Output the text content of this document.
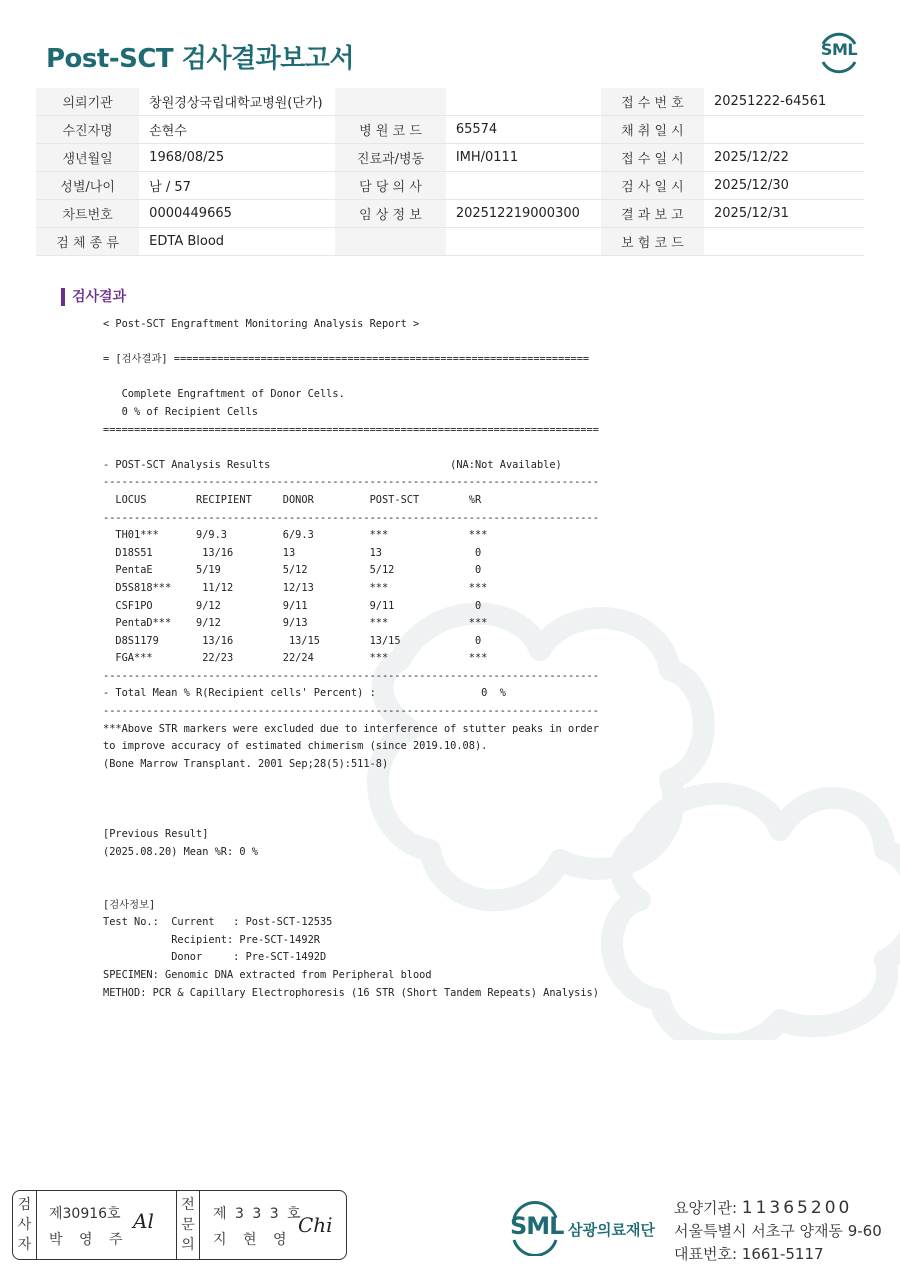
Post-SCT 검사결과보고서	SML
의뢰기관	창원경상국립대학교병원(단가)			접 수 번 호	20251222-64561
수진자명	손현수	병 원 코 드	65574	채 취 일 시	
생년월일	1968/08/25	진료과/병동	IMH/0111	접 수 일 시	2025/12/22
성별/나이	남 / 57	담 당 의 사		검 사 일 시	2025/12/30
차트번호	0000449665	임 상 정 보	202512219000300	결 과 보 고	2025/12/31
검 체 종 류	EDTA Blood			보 험 코 드	
검사결과
< Post-SCT Engraftment Monitoring Analysis Report >
= [검사결과] ===================================================================
Complete Engraftment of Donor Cells.
0 % of Recipient Cells
================================================================================
- POST-SCT Analysis Results                             (NA:Not Available)
--------------------------------------------------------------------------------
LOCUS        RECIPIENT     DONOR         POST-SCT        %R
--------------------------------------------------------------------------------
TH01***      9/9.3         6/9.3         ***             ***
D18S51        13/16        13            13               0
PentaE       5/19          5/12          5/12             0
D5S818***     11/12        12/13         ***             ***
CSF1PO       9/12          9/11          9/11             0
PentaD***    9/12          9/13          ***             ***
D8S1179       13/16         13/15        13/15            0
FGA***        22/23        22/24         ***             ***
--------------------------------------------------------------------------------
- Total Mean % R(Recipient cells' Percent) :                 0  %
--------------------------------------------------------------------------------
***Above STR markers were excluded due to interference of stutter peaks in order
to improve accuracy of estimated chimerism (since 2019.10.08).
(Bone Marrow Transplant. 2001 Sep;28(5):511-8)
[Previous Result]
(2025.08.20) Mean %R: 0 %
[검사정보]
Test No.:  Current   : Post-SCT-12535
Recipient: Pre-SCT-1492R
Donor     : Pre-SCT-1492D
SPECIMEN: Genomic DNA extracted from Peripheral blood
METHOD: PCR & Capillary Electrophoresis (16 STR (Short Tandem Repeats) Analysis)
검
사
자
제30916호
박 영 주
Al
전
문
의
제 3 3 3 호
지 현 영
Chi	SML 삼광의료재단
요양기관: 11365200
서울특별시 서초구 양재동 9-60
대표번호: 1661-5117
